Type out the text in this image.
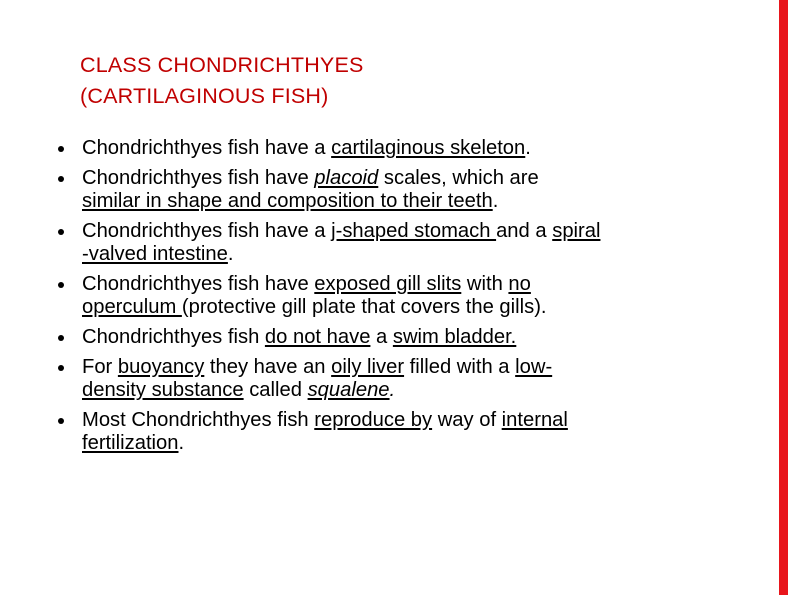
CLASS CHONDRICHTHYES
(CARTILAGINOUS FISH)
Chondrichthyes fish have a cartilaginous skeleton.
Chondrichthyes fish have placoid scales, which are
similar in shape and composition to their teeth.
Chondrichthyes fish have a j-shaped stomach and a spiral
-valved intestine.
Chondrichthyes fish have exposed gill slits with no
operculum (protective gill plate that covers the gills).
Chondrichthyes fish do not have a swim bladder.
For buoyancy they have an oily liver filled with a low-
density substance called squalene.
Most Chondrichthyes fish reproduce by way of internal
fertilization.
